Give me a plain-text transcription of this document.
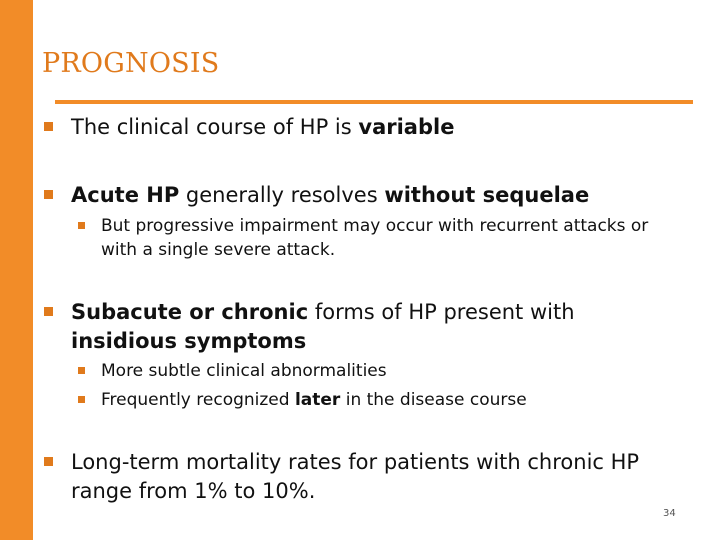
PROGNOSIS
The clinical course of HP is variable
Acute HP generally resolves without sequelae
But progressive impairment may occur with recurrent attacks or with a single severe attack.
Subacute or chronic forms of HP present with insidious symptoms
More subtle clinical abnormalities
Frequently recognized later in the disease course
Long-term mortality rates for patients with chronic HP range from 1% to 10%.
34
